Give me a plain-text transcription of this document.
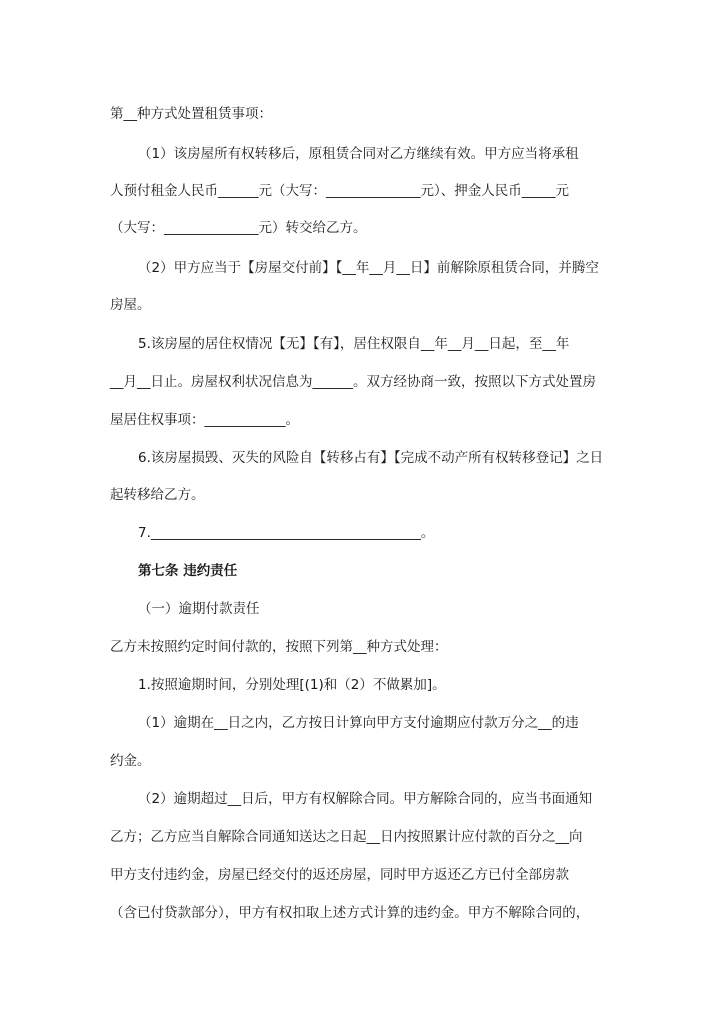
第__种方式处置租赁事项：
（1）该房屋所有权转移后，原租赁合同对乙方继续有效。甲方应当将承租
人预付租金人民币______元（大写：______________元）、押金人民币_____元
（大写：______________元）转交给乙方。
（2）甲方应当于【房屋交付前】【__年__月__日】前解除原租赁合同，并腾空
房屋。
5.该房屋的居住权情况【无】【有】，居住权限自__年__月__日起，至__年
__月__日止。房屋权利状况信息为______。双方经协商一致，按照以下方式处置房
屋居住权事项：____________。
6.该房屋损毁、灭失的风险自【转移占有】【完成不动产所有权转移登记】之日
起转移给乙方。
7.________________________________________。
第七条 违约责任
（一）逾期付款责任
乙方未按照约定时间付款的，按照下列第__种方式处理：
1.按照逾期时间，分别处理[(1)和（2）不做累加]。
（1）逾期在__日之内，乙方按日计算向甲方支付逾期应付款万分之__的违
约金。
（2）逾期超过__日后，甲方有权解除合同。甲方解除合同的，应当书面通知
乙方；乙方应当自解除合同通知送达之日起__日内按照累计应付款的百分之__向
甲方支付违约金，房屋已经交付的返还房屋，同时甲方返还乙方已付全部房款
（含已付贷款部分），甲方有权扣取上述方式计算的违约金。甲方不解除合同的，
